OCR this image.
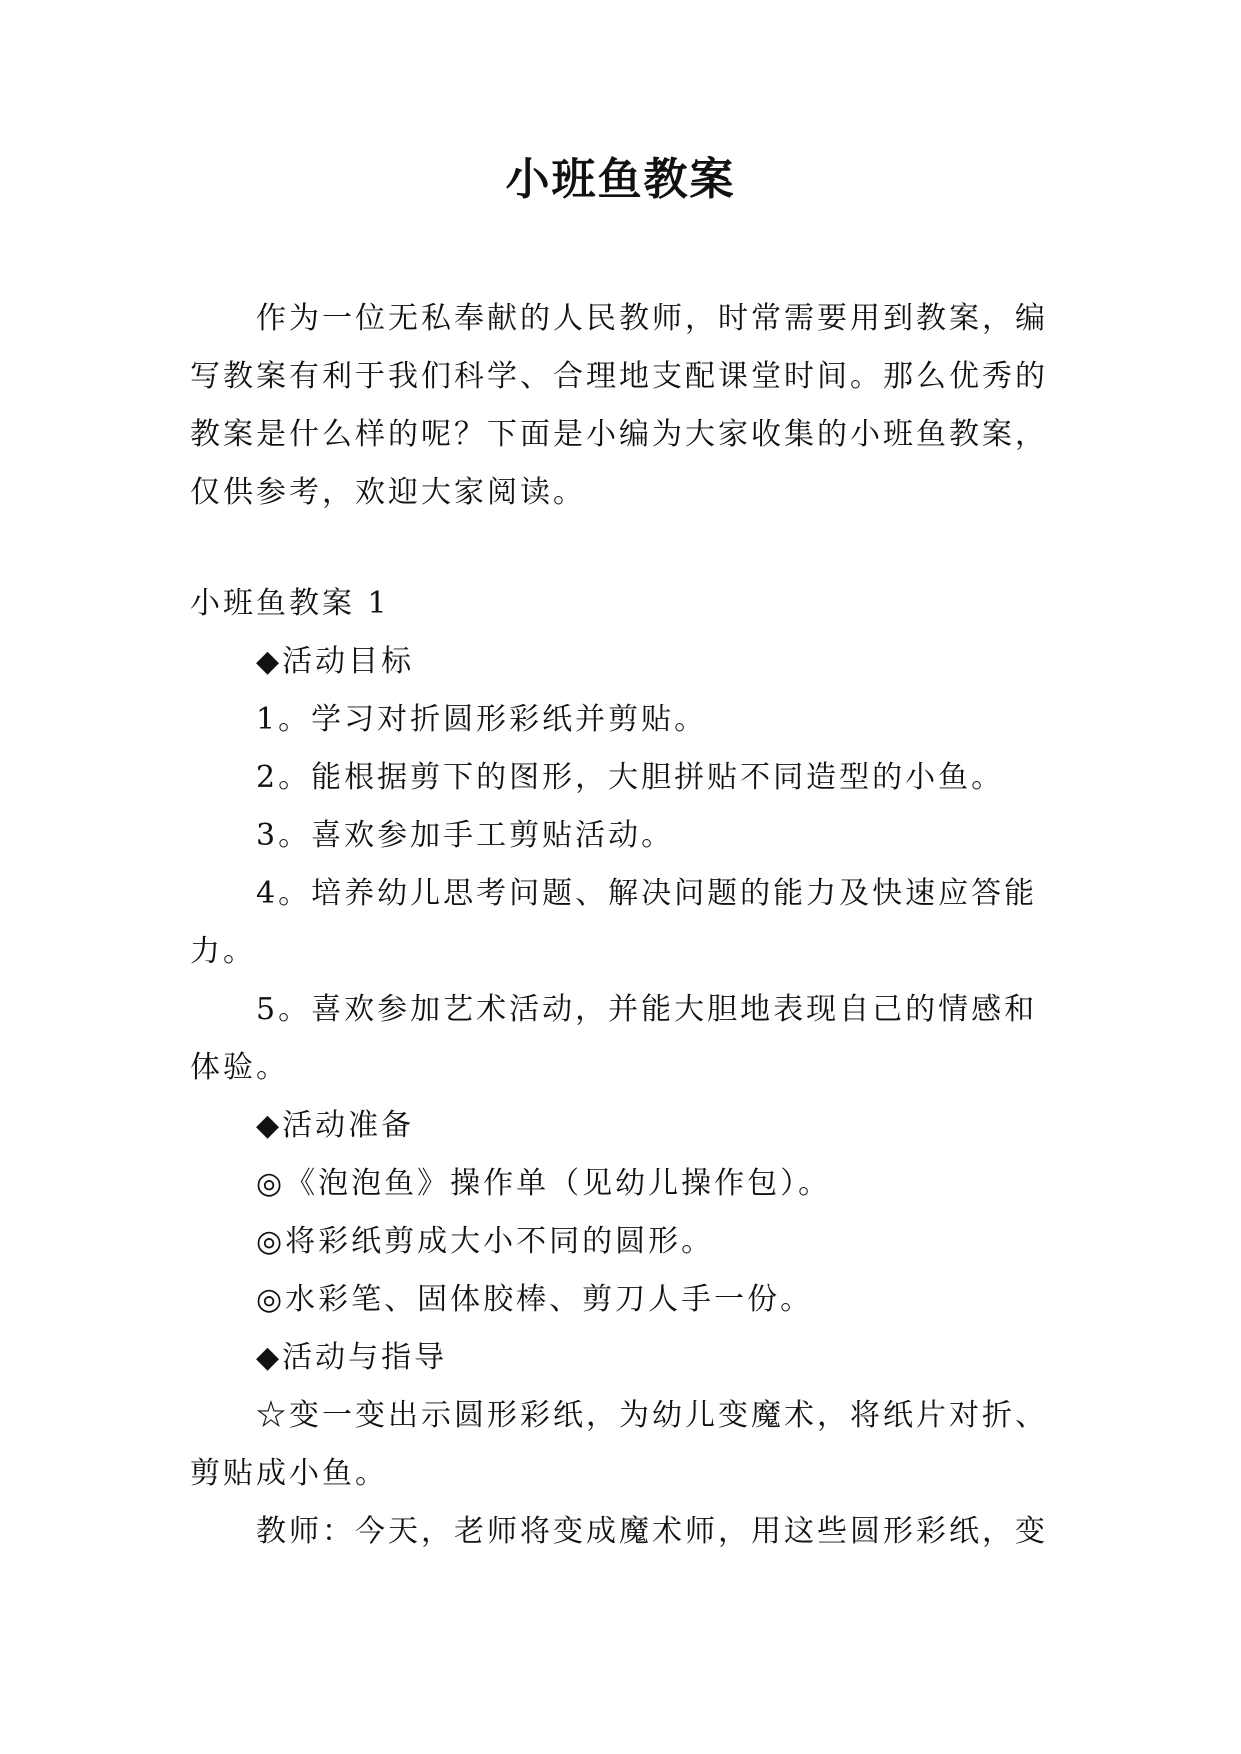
小班鱼教案

作为一位无私奉献的人民教师，时常需要用到教案，编写教案有利于我们科学、合理地支配课堂时间。那么优秀的教案是什么样的呢？下面是小编为大家收集的小班鱼教案，仅供参考，欢迎大家阅读。

小班鱼教案 1

◆活动目标

1。学习对折圆形彩纸并剪贴。

2。能根据剪下的图形，大胆拼贴不同造型的小鱼。

3。喜欢参加手工剪贴活动。

4。培养幼儿思考问题、解决问题的能力及快速应答能力。

5。喜欢参加艺术活动，并能大胆地表现自己的情感和体验。

◆活动准备

◎《泡泡鱼》操作单（见幼儿操作包）。

◎将彩纸剪成大小不同的圆形。

◎水彩笔、固体胶棒、剪刀人手一份。

◆活动与指导

☆变一变出示圆形彩纸，为幼儿变魔术，将纸片对折、剪贴成小鱼。

教师：今天，老师将变成魔术师，用这些圆形彩纸，变
